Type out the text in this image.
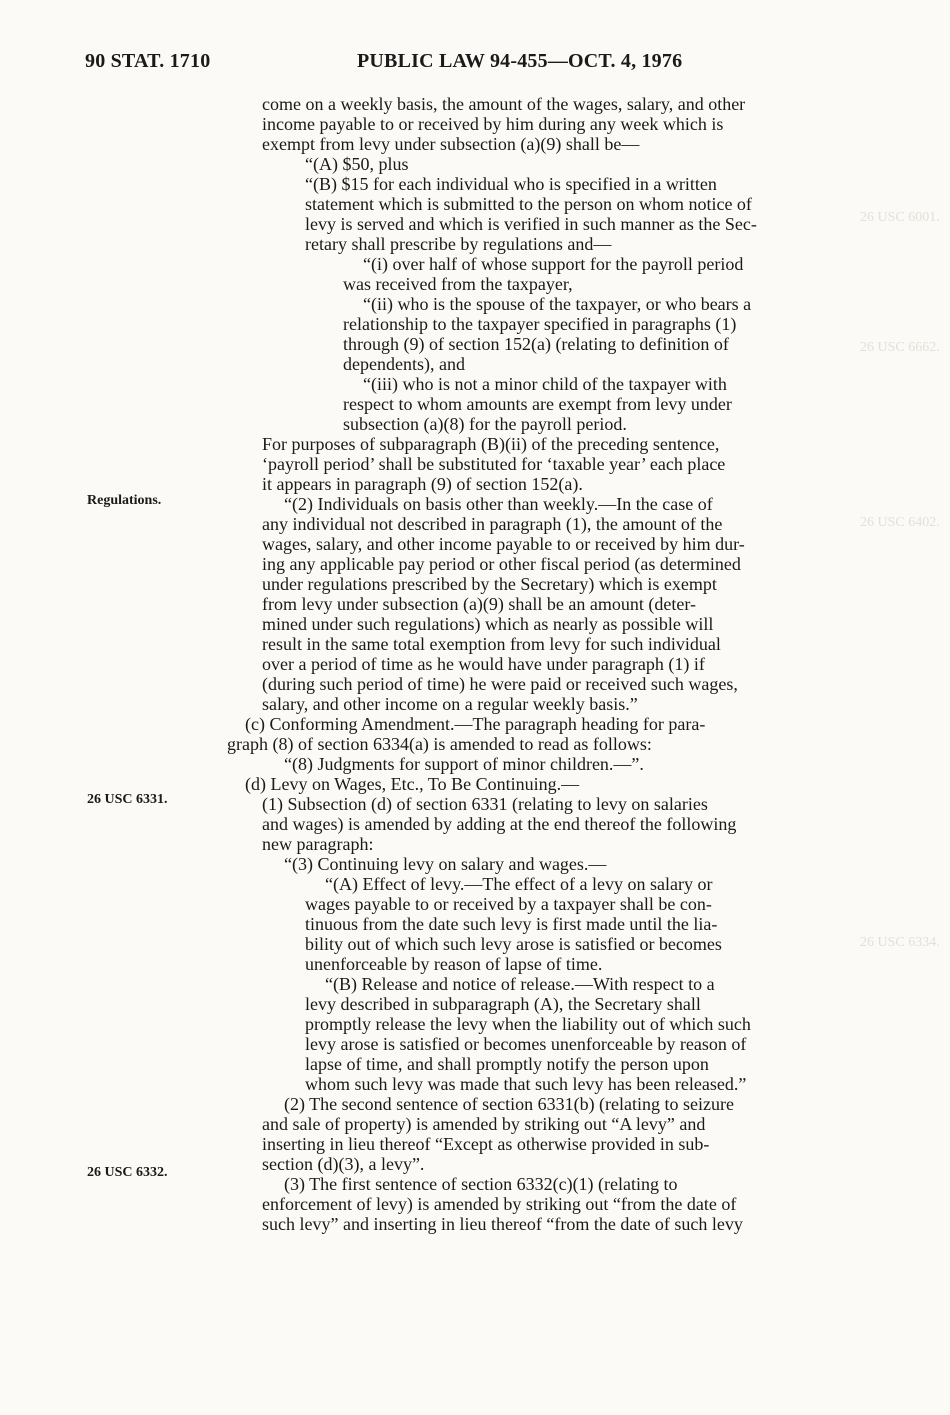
26 USC 6001.
26 USC 6662.
26 USC 6402.
26 USC 6334.
90 STAT. 1710	PUBLIC LAW 94-455—OCT. 4, 1976
Regulations.
26 USC 6331.
26 USC 6332.
come on a weekly basis, the amount of the wages, salary, and other
income payable to or received by him during any week which is
exempt from levy under subsection (a)(9) shall be—
“(A) $50, plus
“(B) $15 for each individual who is specified in a written
statement which is submitted to the person on whom notice of
levy is served and which is verified in such manner as the Sec-
retary shall prescribe by regulations and—
“(i) over half of whose support for the payroll period
was received from the taxpayer,
“(ii) who is the spouse of the taxpayer, or who bears a
relationship to the taxpayer specified in paragraphs (1)
through (9) of section 152(a) (relating to definition of
dependents), and
“(iii) who is not a minor child of the taxpayer with
respect to whom amounts are exempt from levy under
subsection (a)(8) for the payroll period.
For purposes of subparagraph (B)(ii) of the preceding sentence,
‘payroll period’ shall be substituted for ‘taxable year’ each place
it appears in paragraph (9) of section 152(a).
“(2) Individuals on basis other than weekly.—In the case of
any individual not described in paragraph (1), the amount of the
wages, salary, and other income payable to or received by him dur-
ing any applicable pay period or other fiscal period (as determined
under regulations prescribed by the Secretary) which is exempt
from levy under subsection (a)(9) shall be an amount (deter-
mined under such regulations) which as nearly as possible will
result in the same total exemption from levy for such individual
over a period of time as he would have under paragraph (1) if
(during such period of time) he were paid or received such wages,
salary, and other income on a regular weekly basis.”
(c) Conforming Amendment.—The paragraph heading for para-
graph (8) of section 6334(a) is amended to read as follows:
“(8) Judgments for support of minor children.—”.
(d) Levy on Wages, Etc., To Be Continuing.—
(1) Subsection (d) of section 6331 (relating to levy on salaries
and wages) is amended by adding at the end thereof the following
new paragraph:
“(3) Continuing levy on salary and wages.—
“(A) Effect of levy.—The effect of a levy on salary or
wages payable to or received by a taxpayer shall be con-
tinuous from the date such levy is first made until the lia-
bility out of which such levy arose is satisfied or becomes
unenforceable by reason of lapse of time.
“(B) Release and notice of release.—With respect to a
levy described in subparagraph (A), the Secretary shall
promptly release the levy when the liability out of which such
levy arose is satisfied or becomes unenforceable by reason of
lapse of time, and shall promptly notify the person upon
whom such levy was made that such levy has been released.”
(2) The second sentence of section 6331(b) (relating to seizure
and sale of property) is amended by striking out “A levy” and
inserting in lieu thereof “Except as otherwise provided in sub-
section (d)(3), a levy”.
(3) The first sentence of section 6332(c)(1) (relating to
enforcement of levy) is amended by striking out “from the date of
such levy” and inserting in lieu thereof “from the date of such levy
